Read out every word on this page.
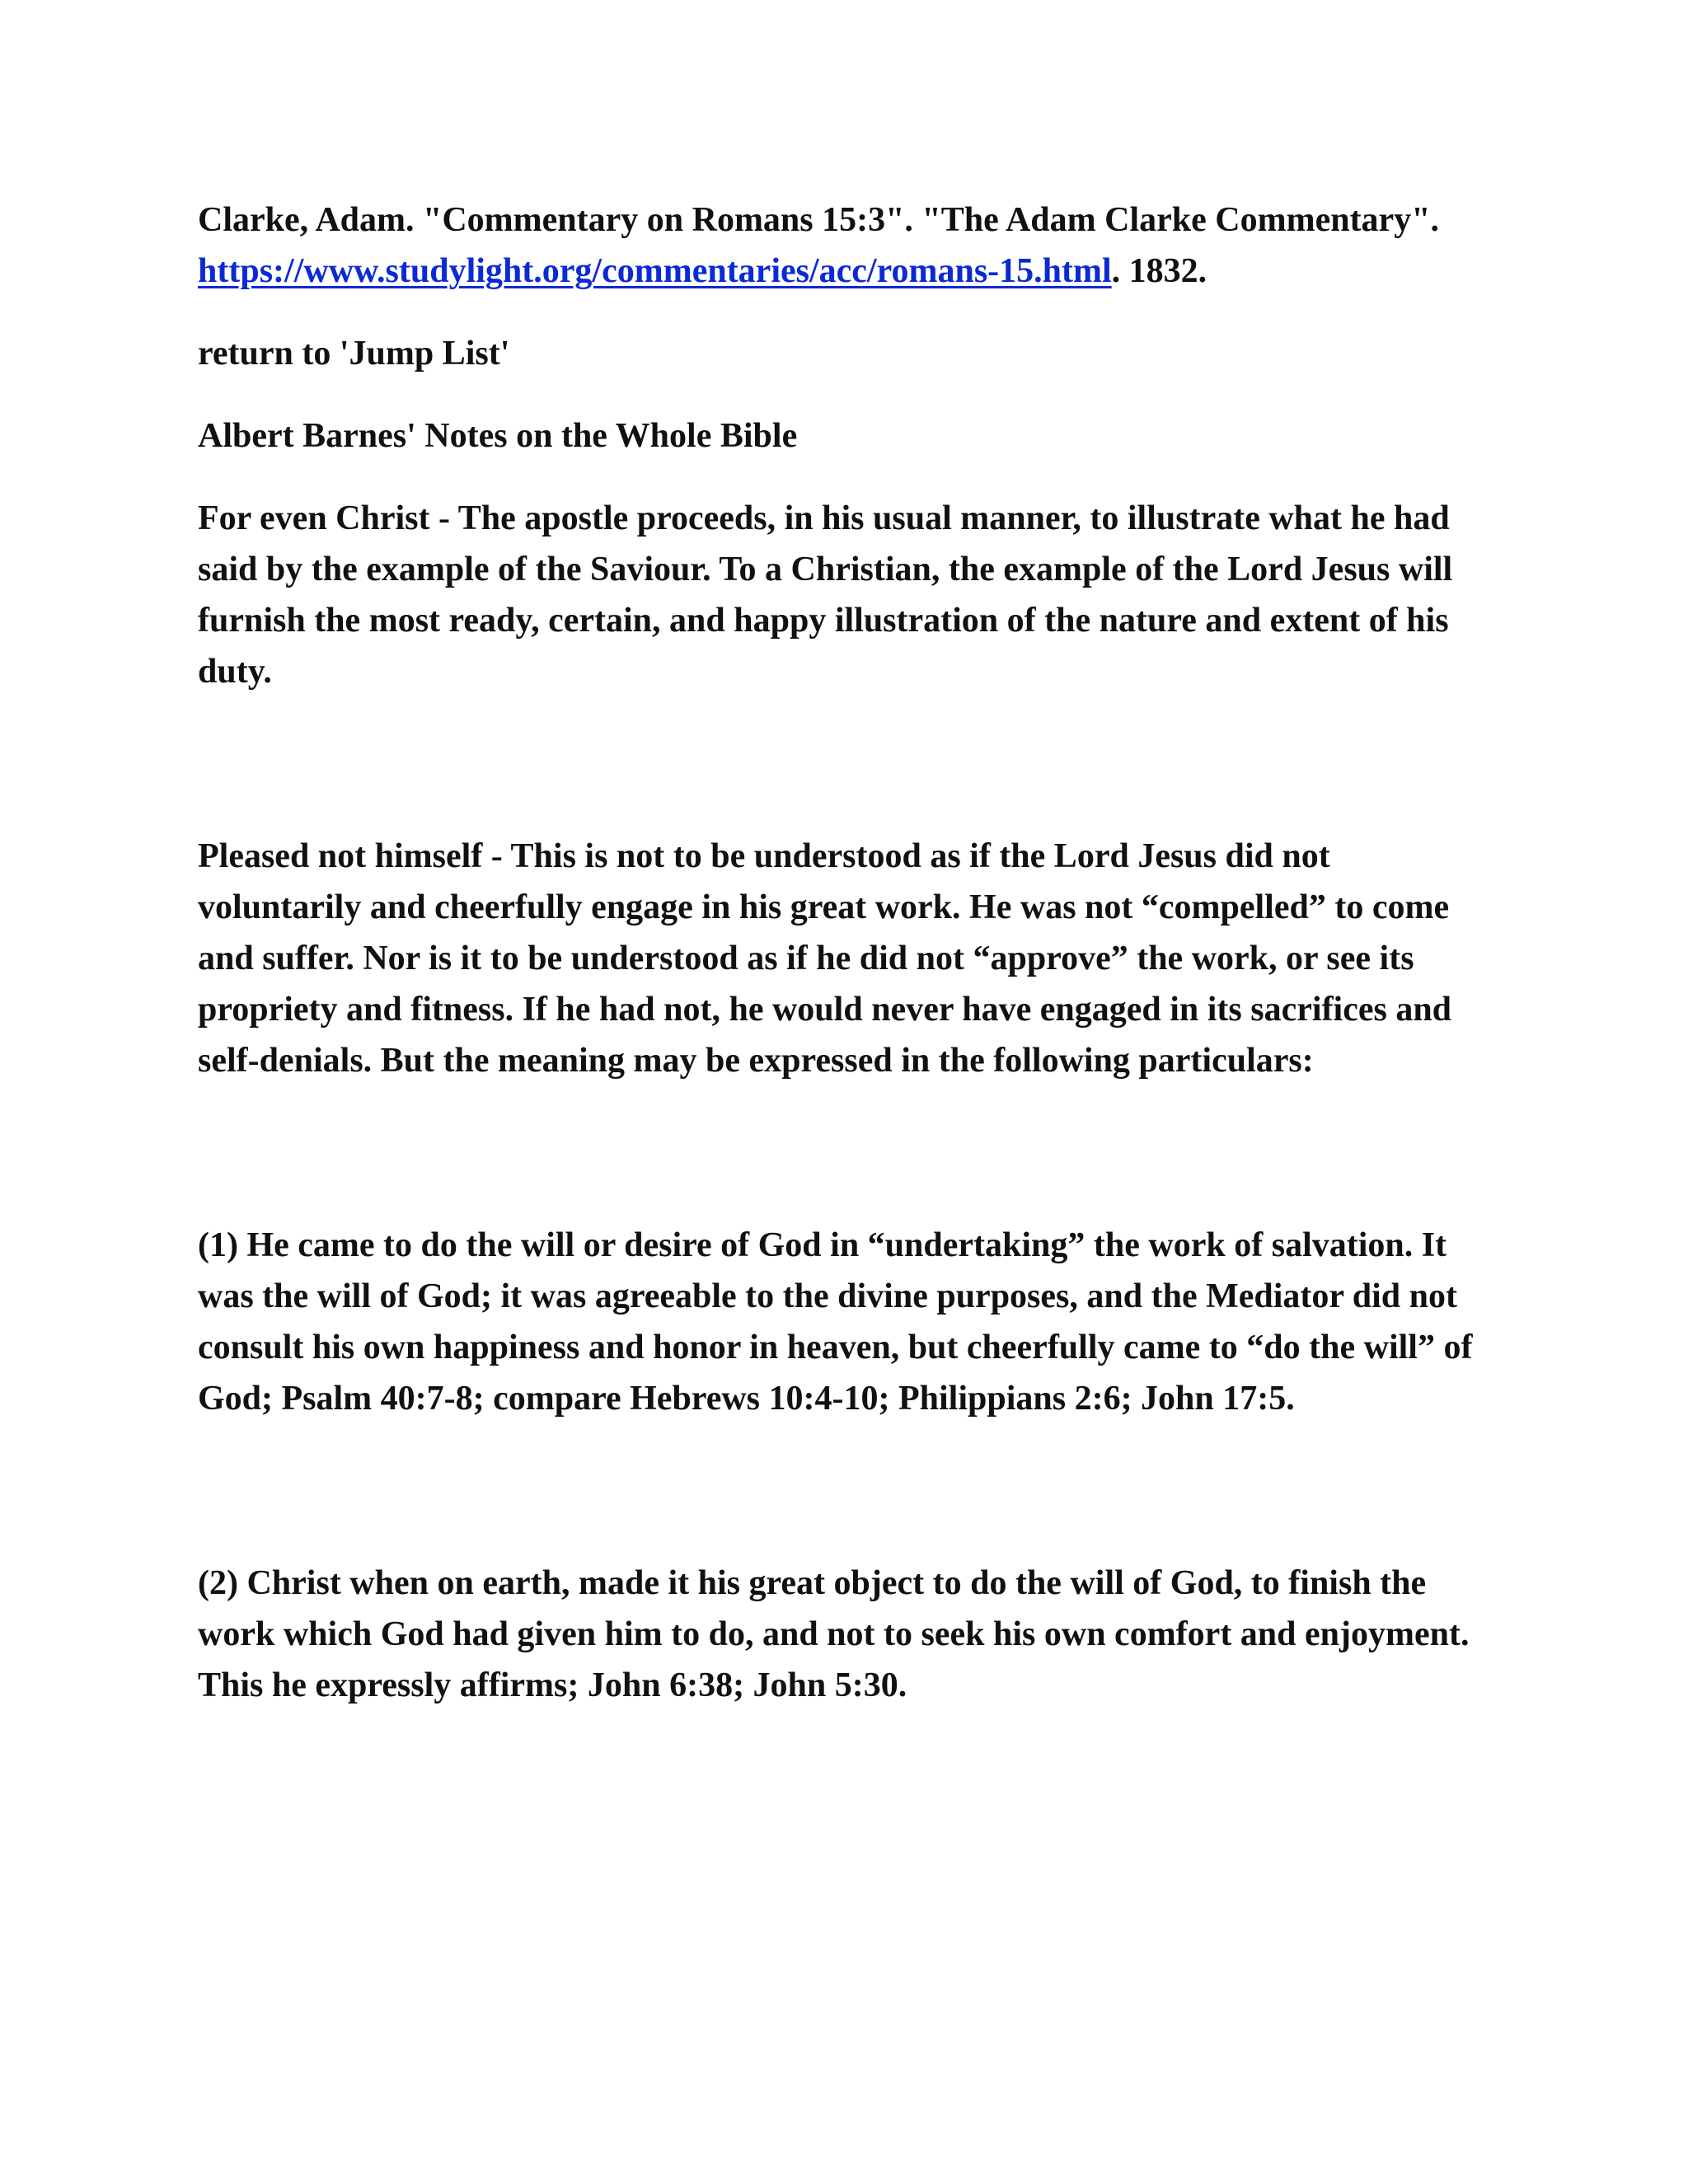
Clarke, Adam. "Commentary on Romans 15:3". "The Adam Clarke Commentary". https://www.studylight.org/commentaries/acc/romans-15.html. 1832.

return to 'Jump List'

Albert Barnes' Notes on the Whole Bible

For even Christ - The apostle proceeds, in his usual manner, to illustrate what he had said by the example of the Saviour. To a Christian, the example of the Lord Jesus will furnish the most ready, certain, and happy illustration of the nature and extent of his duty.

Pleased not himself - This is not to be understood as if the Lord Jesus did not voluntarily and cheerfully engage in his great work. He was not “compelled” to come and suffer. Nor is it to be understood as if he did not “approve” the work, or see its propriety and fitness. If he had not, he would never have engaged in its sacrifices and self-denials. But the meaning may be expressed in the following particulars:

(1) He came to do the will or desire of God in “undertaking” the work of salvation. It was the will of God; it was agreeable to the divine purposes, and the Mediator did not consult his own happiness and honor in heaven, but cheerfully came to “do the will” of God; Psalm 40:7-8; compare Hebrews 10:4-10; Philippians 2:6; John 17:5.

(2) Christ when on earth, made it his great object to do the will of God, to finish the work which God had given him to do, and not to seek his own comfort and enjoyment. This he expressly affirms; John 6:38; John 5:30.
